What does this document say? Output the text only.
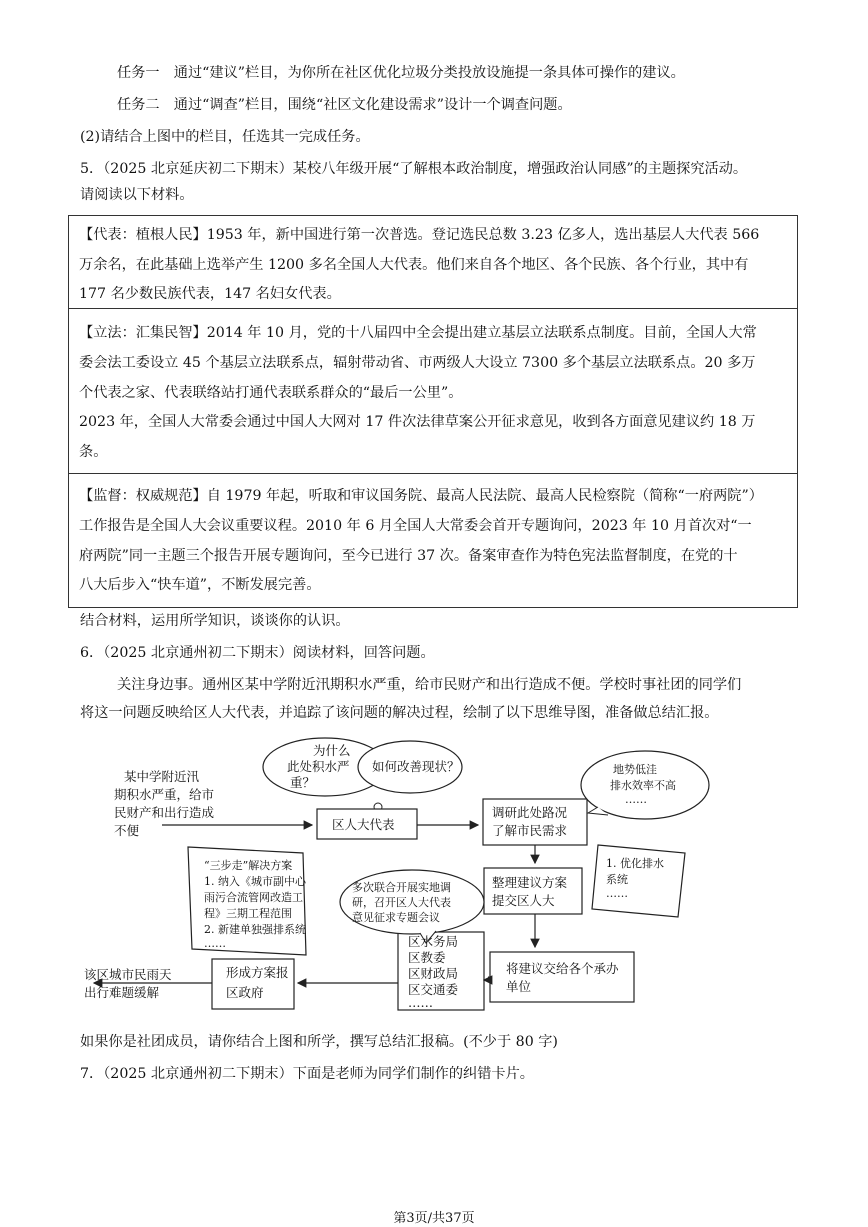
任务一　通过“建议”栏目，为你所在社区优化垃圾分类投放设施提一条具体可操作的建议。
任务二　通过“调查”栏目，围绕“社区文化建设需求”设计一个调查问题。
(2)请结合上图中的栏目，任选其一完成任务。
5．（2025 北京延庆初二下期末）某校八年级开展“了解根本政治制度，增强政治认同感”的主题探究活动。
请阅读以下材料。

【代表：植根人民】1953 年，新中国进行第一次普选。登记选民总数 3.23 亿多人，选出基层人大代表 566

万余名，在此基础上选举产生 1200 多名全国人大代表。他们来自各个地区、各个民族、各个行业，其中有

177 名少数民族代表，147 名妇女代表。

【立法：汇集民智】2014 年 10 月，党的十八届四中全会提出建立基层立法联系点制度。目前，全国人大常

委会法工委设立 45 个基层立法联系点，辐射带动省、市两级人大设立 7300 多个基层立法联系点。20 多万

个代表之家、代表联络站打通代表联系群众的“最后一公里”。

2023 年，全国人大常委会通过中国人大网对 17 件次法律草案公开征求意见，收到各方面意见建议约 18 万

条。

【监督：权威规范】自 1979 年起，听取和审议国务院、最高人民法院、最高人民检察院（简称“一府两院”）

工作报告是全国人大会议重要议程。2010 年 6 月全国人大常委会首开专题询问，2023 年 10 月首次对“一

府两院”同一主题三个报告开展专题询问，至今已进行 37 次。备案审查作为特色宪法监督制度，在党的十

八大后步入“快车道”，不断发展完善。

结合材料，运用所学知识，谈谈你的认识。
6．（2025 北京通州初二下期末）阅读材料，回答问题。
关注身边事。通州区某中学附近汛期积水严重，给市民财产和出行造成不便。学校时事社团的同学们
将这一问题反映给区人大代表，并追踪了该问题的解决过程，绘制了以下思维导图，准备做总结汇报。
某中学附近汛
期积水严重，给市
民财产和出行造成
不便
为什么
此处积水严
重？
如何改善现状？
区人大代表
调研此处路况
了解市民需求
地势低洼
排水效率不高
……
1. 优化排水
系统
……
整理建议方案
提交区人大
多次联合开展实地调
研，召开区人大代表
意见征求专题会议
“三步走”解决方案
1. 纳入《城市副中心
雨污合流管网改造工
程》三期工程范围
2. 新建单独强排系统
……	区水务局
区教委
区财政局
区交通委
……
将建议交给各个承办
单位
形成方案报
区政府
该区城市民雨天
出行难题缓解
如果你是社团成员，请你结合上图和所学，撰写总结汇报稿。(不少于 80 字)
7．（2025 北京通州初二下期末）下面是老师为同学们制作的纠错卡片。
第3页/共37页
